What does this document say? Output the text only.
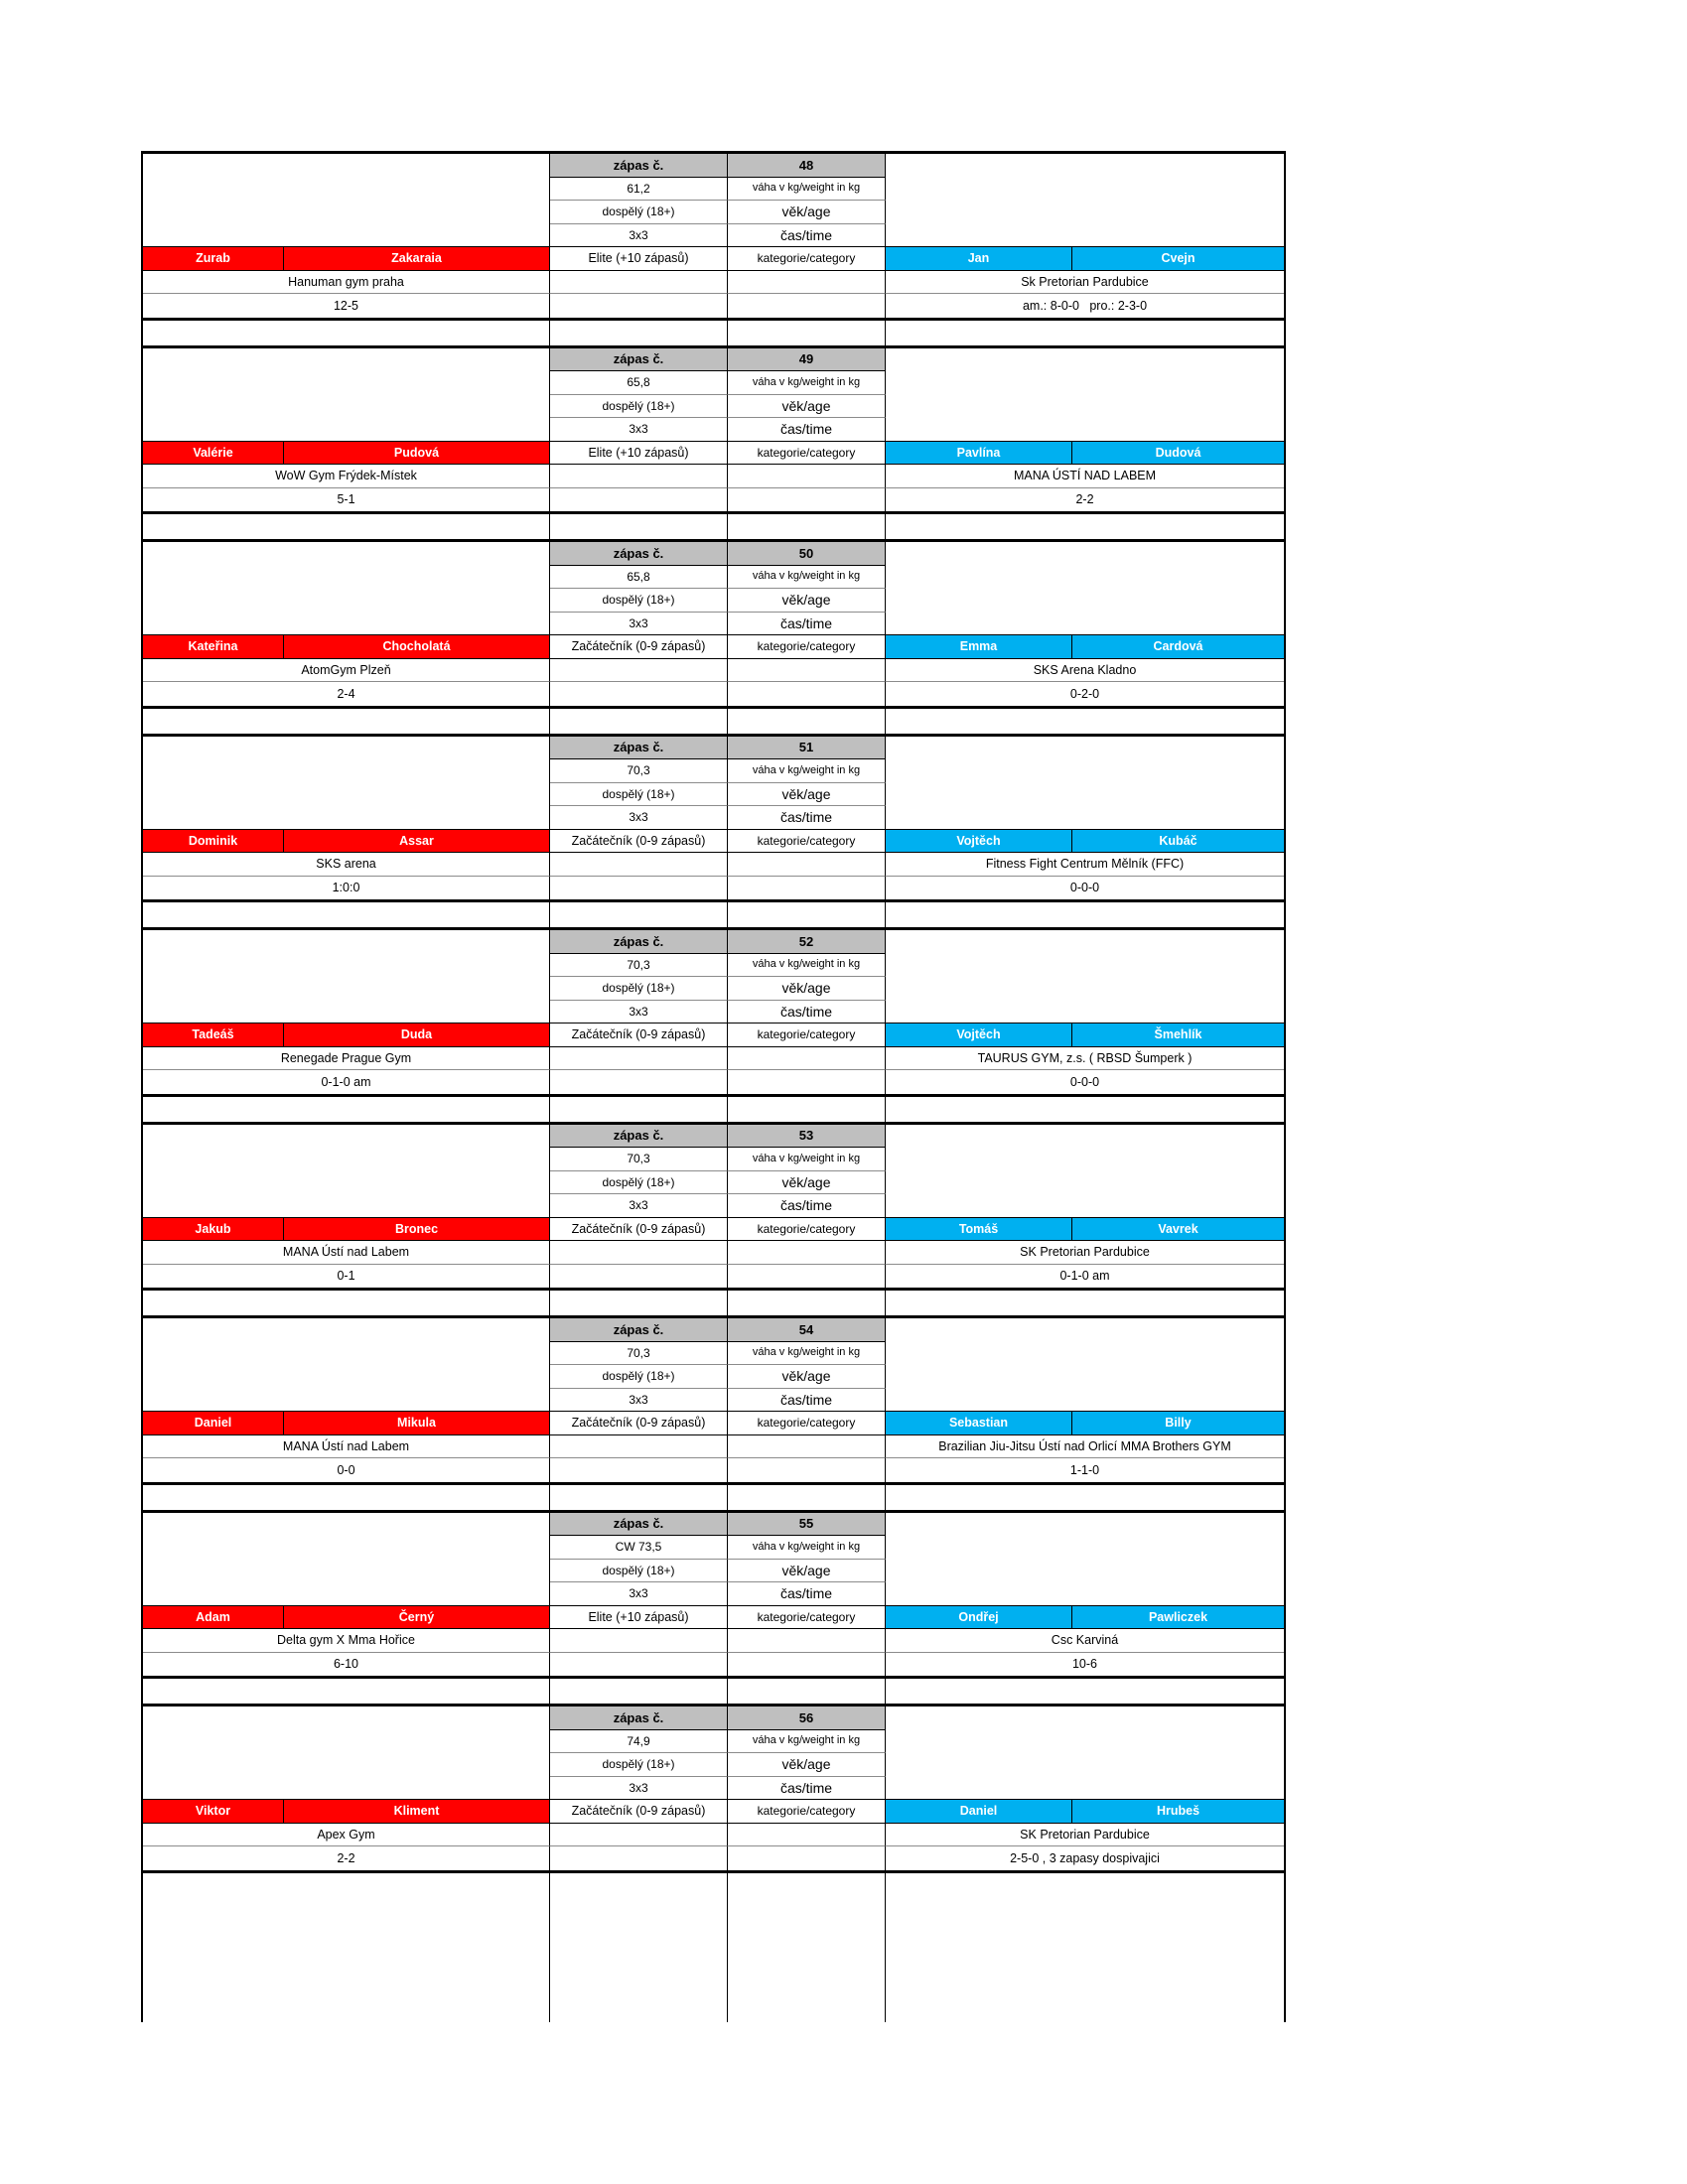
zápas č.	48
61,2	váha v kg/weight in kg
dospělý (18+)	věk/age
3x3	čas/time
Zurab	Zakaraia	Elite (+10 zápasů)	kategorie/category	Jan	Cvejn
Hanuman gym praha	Sk Pretorian Pardubice
12-5	am.: 8-0-0   pro.: 2-3-0
zápas č.	49
65,8	váha v kg/weight in kg
dospělý (18+)	věk/age
3x3	čas/time
Valérie	Pudová	Elite (+10 zápasů)	kategorie/category	Pavlína	Dudová
WoW Gym Frýdek-Místek	MANA ÚSTÍ NAD LABEM
5-1	2-2
zápas č.	50
65,8	váha v kg/weight in kg
dospělý (18+)	věk/age
3x3	čas/time
Kateřina	Chocholatá	Začátečník (0-9 zápasů)	kategorie/category	Emma	Cardová
AtomGym Plzeň	SKS Arena Kladno
2-4	0-2-0
zápas č.	51
70,3	váha v kg/weight in kg
dospělý (18+)	věk/age
3x3	čas/time
Dominik	Assar	Začátečník (0-9 zápasů)	kategorie/category	Vojtěch	Kubáč
SKS arena	Fitness Fight Centrum Mělník (FFC)
1:0:0	0-0-0
zápas č.	52
70,3	váha v kg/weight in kg
dospělý (18+)	věk/age
3x3	čas/time
Tadeáš	Duda	Začátečník (0-9 zápasů)	kategorie/category	Vojtěch	Šmehlík
Renegade Prague Gym	TAURUS GYM, z.s. ( RBSD Šumperk )
0-1-0 am	0-0-0
zápas č.	53
70,3	váha v kg/weight in kg
dospělý (18+)	věk/age
3x3	čas/time
Jakub	Bronec	Začátečník (0-9 zápasů)	kategorie/category	Tomáš	Vavrek
MANA Ústí nad Labem	SK Pretorian Pardubice
0-1	0-1-0 am
zápas č.	54
70,3	váha v kg/weight in kg
dospělý (18+)	věk/age
3x3	čas/time
Daniel	Mikula	Začátečník (0-9 zápasů)	kategorie/category	Sebastian	Billy
MANA Ústí nad Labem	Brazilian Jiu-Jitsu Ústí nad Orlicí MMA Brothers GYM
0-0	1-1-0
zápas č.	55
CW 73,5	váha v kg/weight in kg
dospělý (18+)	věk/age
3x3	čas/time
Adam	Černý	Elite (+10 zápasů)	kategorie/category	Ondřej	Pawliczek
Delta gym X Mma Hořice	Csc Karviná
6-10	10-6
zápas č.	56
74,9	váha v kg/weight in kg
dospělý (18+)	věk/age
3x3	čas/time
Viktor	Kliment	Začátečník (0-9 zápasů)	kategorie/category	Daniel	Hrubeš
Apex Gym	SK Pretorian Pardubice
2-2	2-5-0 , 3 zapasy dospivajici
